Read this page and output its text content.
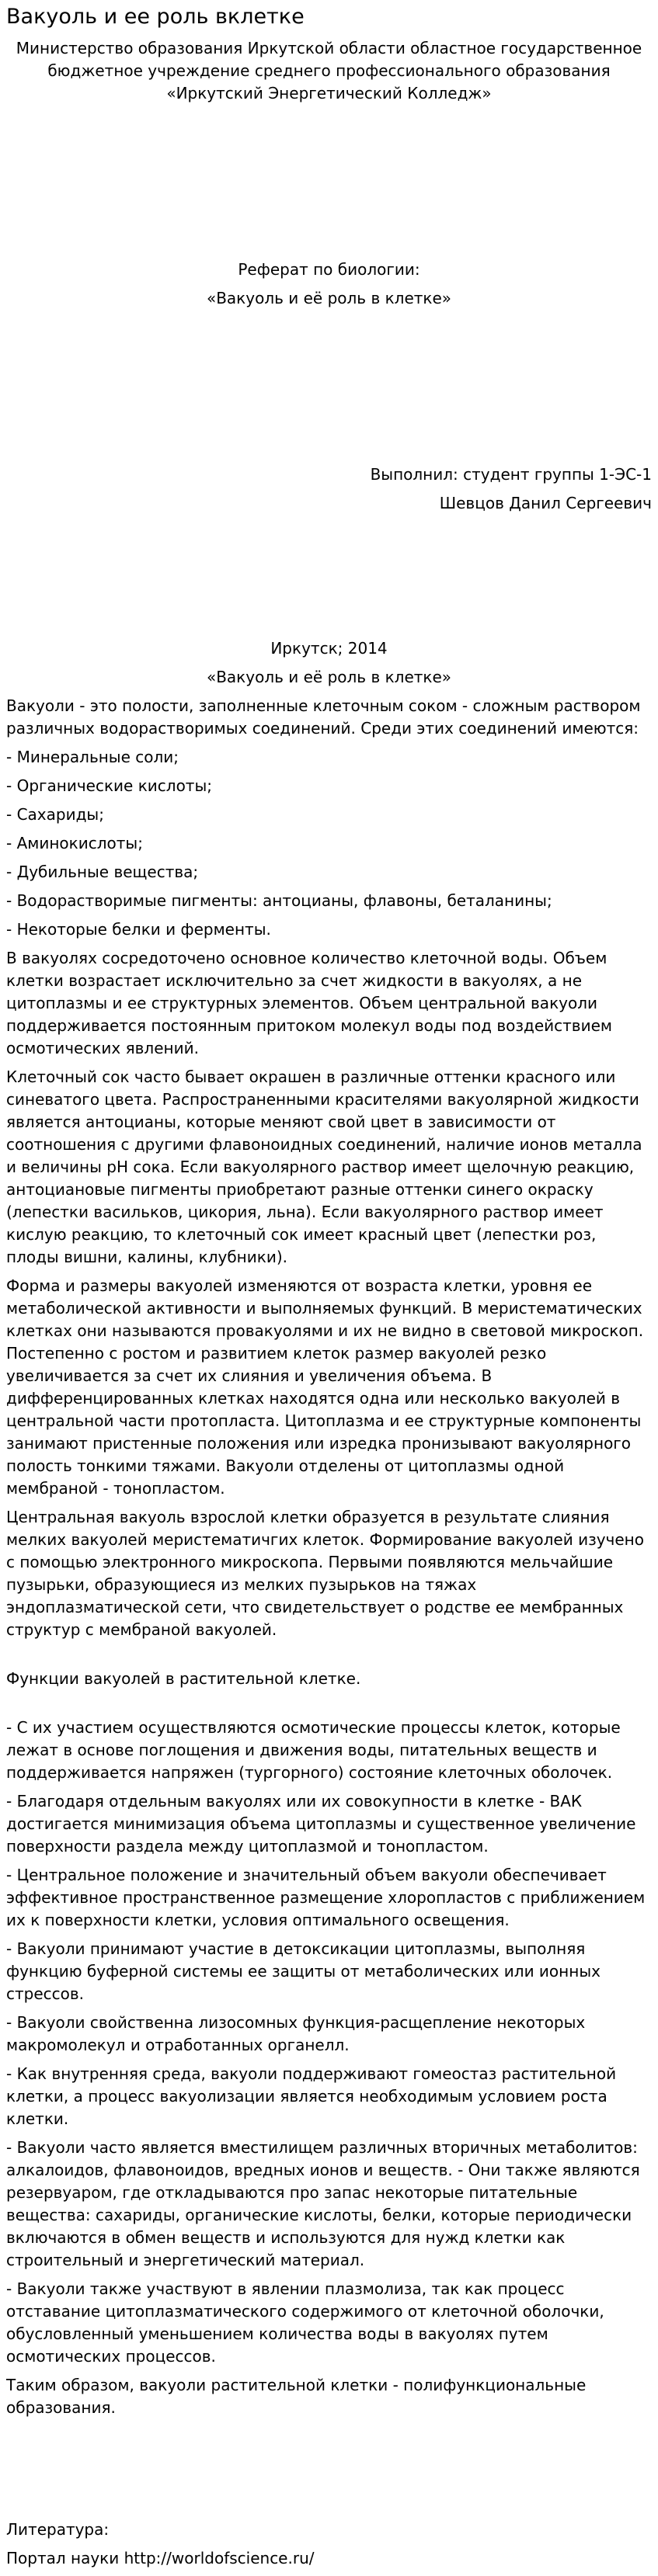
Вакуоль и ее роль вклетке

Министерство образования Иркутской области областное государственное бюджетное учреждение среднего профессионального образования «Иркутский Энергетический Колледж»

Реферат по биологии:

«Вакуоль и её роль в клетке»

Выполнил: студент группы 1-ЭС-1

Шевцов Данил Сергеевич

Иркутск; 2014

«Вакуоль и её роль в клетке»

Вакуоли - это полости, заполненные клеточным соком - сложным раствором различных водорастворимых соединений. Среди этих соединений имеются:

- Минеральные соли;

- Органические кислоты;

- Сахариды;

- Аминокислоты;

- Дубильные вещества;

- Водорастворимые пигменты: антоцианы, флавоны, беталанины;

- Некоторые белки и ферменты.

В вакуолях сосредоточено основное количество клеточной воды. Объем клетки возрастает исключительно за счет жидкости в вакуолях, а не цитоплазмы и ее структурных элементов. Объем центральной вакуоли поддерживается постоянным притоком молекул воды под воздействием осмотических явлений.

Клеточный сок часто бывает окрашен в различные оттенки красного или синеватого цвета. Распространенными красителями вакуолярной жидкости является антоцианы, которые меняют свой цвет в зависимости от соотношения с другими флавоноидных соединений, наличие ионов металла и величины pH сока. Если вакуолярного раствор имеет щелочную реакцию, антоциановые пигменты приобретают разные оттенки синего окраску (лепестки васильков, цикория, льна). Если вакуолярного раствор имеет кислую реакцию, то клеточный сок имеет красный цвет (лепестки роз, плоды вишни, калины, клубники).

Форма и размеры вакуолей изменяются от возраста клетки, уровня ее метаболической активности и выполняемых функций. В меристематических клетках они называются провакуолями и их не видно в световой микроскоп. Постепенно с ростом и развитием клеток размер вакуолей резко увеличивается за счет их слияния и увеличения объема. В дифференцированных клетках находятся одна или несколько вакуолей в центральной части протопласта. Цитоплазма и ее структурные компоненты занимают пристенные положения или изредка пронизывают вакуолярного полость тонкими тяжами. Вакуоли отделены от цитоплазмы одной мембраной - тонопластом.

Центральная вакуоль взрослой клетки образуется в результате слияния мелких вакуолей меристематичгих клеток. Формирование вакуолей изучено с помощью электронного микроскопа. Первыми появляются мельчайшие пузырьки, образующиеся из мелких пузырьков на тяжах эндоплазматической сети, что свидетельствует о родстве ее мембранных структур с мембраной вакуолей.

Функции вакуолей в растительной клетке.

- С их участием осуществляются осмотические процессы клеток, которые лежат в основе поглощения и движения воды, питательных веществ и поддерживается напряжен (тургорного) состояние клеточных оболочек.

- Благодаря отдельным вакуолях или их совокупности в клетке - ВАК достигается минимизация объема цитоплазмы и существенное увеличение поверхности раздела между цитоплазмой и тонопластом.

- Центральное положение и значительный объем вакуоли обеспечивает эффективное пространственное размещение хлоропластов с приближением их к поверхности клетки, условия оптимального освещения.

- Вакуоли принимают участие в детоксикации цитоплазмы, выполняя функцию буферной системы ее защиты от метаболических или ионных стрессов.

- Вакуоли свойственна лизосомных функция-расщепление некоторых макромолекул и отработанных органелл.

- Как внутренняя среда, вакуоли поддерживают гомеостаз растительной клетки, а процесс вакуолизации является необходимым условием роста клетки.

- Вакуоли часто является вместилищем различных вторичных метаболитов: алкалоидов, флавоноидов, вредных ионов и веществ. - Они также являются резервуаром, где откладываются про запас некоторые питательные вещества: сахариды, органические кислоты, белки, которые периодически включаются в обмен веществ и используются для нужд клетки как строительный и энергетический материал.

- Вакуоли также участвуют в явлении плазмолиза, так как процесс отставание цитоплазматического содержимого от клеточной оболочки, обусловленный уменьшением количества воды в вакуолях путем осмотических процессов.

Таким образом, вакуоли растительной клетки - полифункциональные образования.

Литература:

Портал науки http://worldofscience.ru/
